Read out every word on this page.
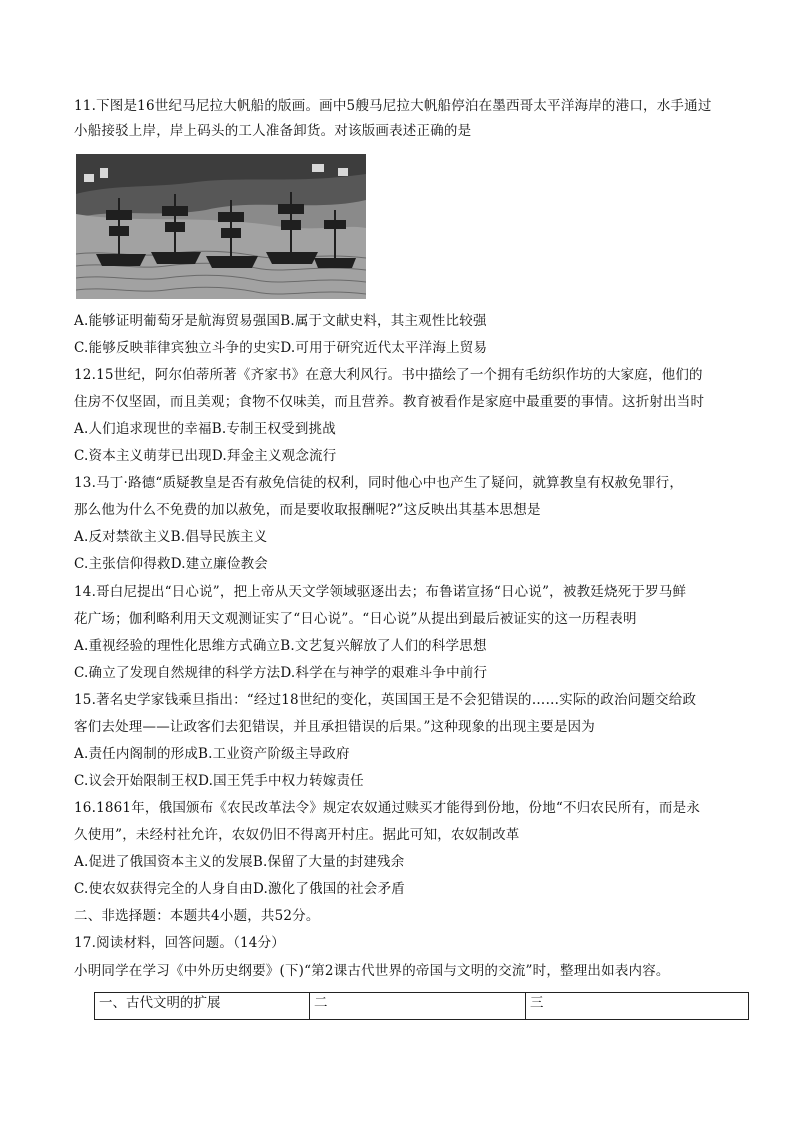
11.下图是16世纪马尼拉大帆船的版画。画中5艘马尼拉大帆船停泊在墨西哥太平洋海岸的港口，水手通过
小船接驳上岸，岸上码头的工人准备卸货。对该版画表述正确的是
A.能够证明葡萄牙是航海贸易强国B.属于文献史料，其主观性比较强
C.能够反映菲律宾独立斗争的史实D.可用于研究近代太平洋海上贸易
12.15世纪，阿尔伯蒂所著《齐家书》在意大利风行。书中描绘了一个拥有毛纺织作坊的大家庭，他们的
住房不仅坚固，而且美观；食物不仅味美，而且营养。教育被看作是家庭中最重要的事情。这折射出当时
A.人们追求现世的幸福B.专制王权受到挑战
C.资本主义萌芽已出现D.拜金主义观念流行
13.马丁·路德“质疑教皇是否有赦免信徒的权利，同时他心中也产生了疑问，就算教皇有权赦免罪行，
那么他为什么不免费的加以赦免，而是要收取报酬呢?”这反映出其基本思想是
A.反对禁欲主义B.倡导民族主义
C.主张信仰得救D.建立廉俭教会
14.哥白尼提出“日心说”，把上帝从天文学领域驱逐出去；布鲁诺宣扬“日心说”，被教廷烧死于罗马鲜
花广场；伽利略利用天文观测证实了“日心说”。“日心说”从提出到最后被证实的这一历程表明
A.重视经验的理性化思维方式确立B.文艺复兴解放了人们的科学思想
C.确立了发现自然规律的科学方法D.科学在与神学的艰难斗争中前行
15.著名史学家钱乘旦指出：“经过18世纪的变化，英国国王是不会犯错误的……实际的政治问题交给政
客们去处理——让政客们去犯错误，并且承担错误的后果。”这种现象的出现主要是因为
A.责任内阁制的形成B.工业资产阶级主导政府
C.议会开始限制王权D.国王凭手中权力转嫁责任
16.1861年，俄国颁布《农民改革法令》规定农奴通过赎买才能得到份地，份地“不归农民所有，而是永
久使用”，未经村社允许，农奴仍旧不得离开村庄。据此可知，农奴制改革
A.促进了俄国资本主义的发展B.保留了大量的封建残余
C.使农奴获得完全的人身自由D.激化了俄国的社会矛盾
二、非选择题：本题共4小题，共52分。
17.阅读材料，回答问题。（14分）
小明同学在学习《中外历史纲要》(下)“第2课古代世界的帝国与文明的交流”时，整理出如表内容。
一、古代文明的扩展	二	三
